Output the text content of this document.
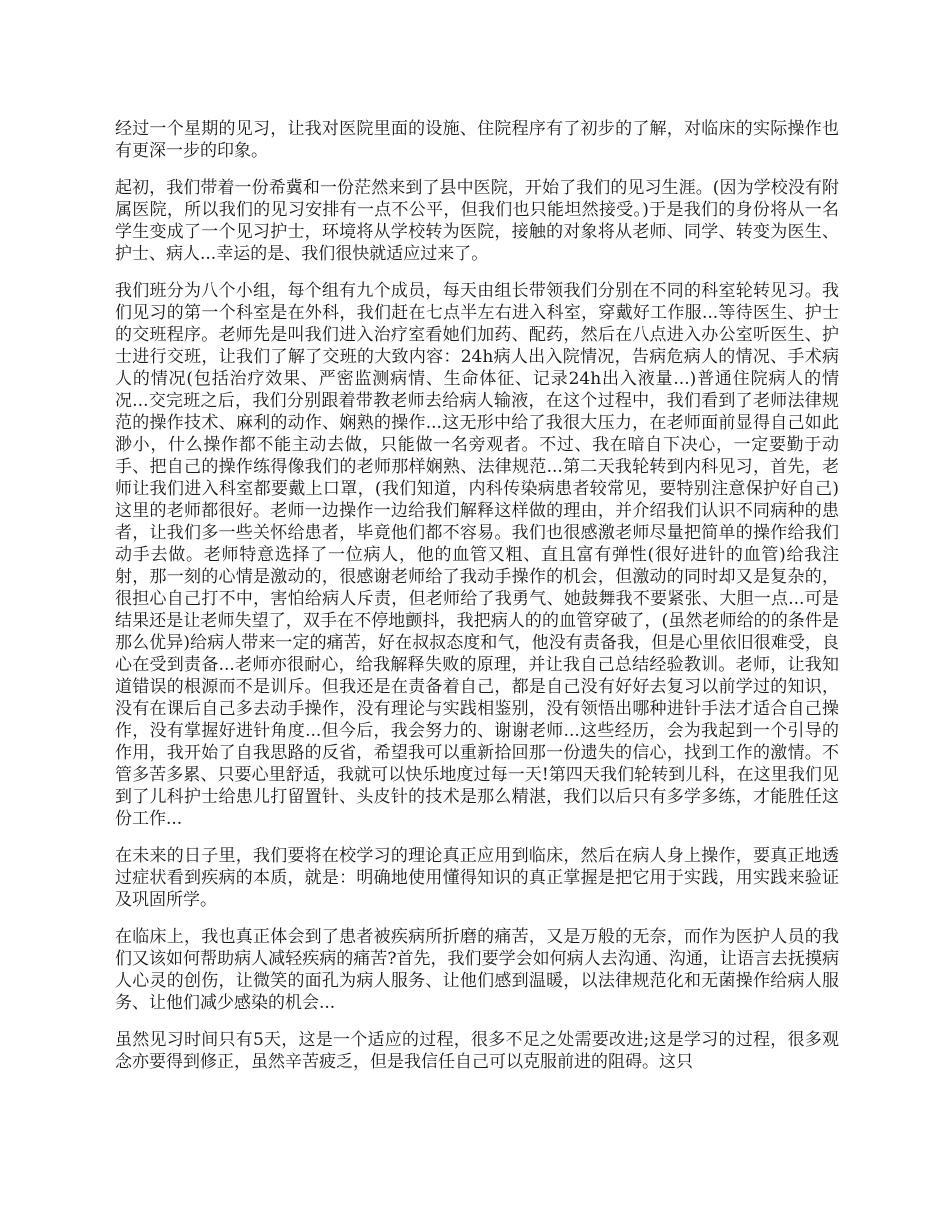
经过一个星期的见习，让我对医院里面的设施、住院程序有了初步的了解，对临床的实际操作也有更深一步的印象。

起初，我们带着一份希冀和一份茫然来到了县中医院，开始了我们的见习生涯。(因为学校没有附属医院，所以我们的见习安排有一点不公平，但我们也只能坦然接受。)于是我们的身份将从一名学生变成了一个见习护士，环境将从学校转为医院，接触的对象将从老师、同学、转变为医生、护士、病人...幸运的是、我们很快就适应过来了。

我们班分为八个小组，每个组有九个成员，每天由组长带领我们分别在不同的科室轮转见习。我们见习的第一个科室是在外科，我们赶在七点半左右进入科室，穿戴好工作服...等待医生、护士的交班程序。老师先是叫我们进入治疗室看她们加药、配药，然后在八点进入办公室听医生、护士进行交班，让我们了解了交班的大致内容：24h病人出入院情况，告病危病人的情况、手术病人的情况(包括治疗效果、严密监测病情、生命体征、记录24h出入液量...)普通住院病人的情况...交完班之后，我们分别跟着带教老师去给病人输液，在这个过程中，我们看到了老师法律规范的操作技术、麻利的动作、娴熟的操作...这无形中给了我很大压力，在老师面前显得自己如此渺小，什么操作都不能主动去做，只能做一名旁观者。不过、我在暗自下决心，一定要勤于动手、把自己的操作练得像我们的老师那样娴熟、法律规范...第二天我轮转到内科见习，首先，老师让我们进入科室都要戴上口罩，(我们知道，内科传染病患者较常见，要特别注意保护好自己)这里的老师都很好。老师一边操作一边给我们解释这样做的理由，并介绍我们认识不同病种的患者，让我们多一些关怀给患者，毕竟他们都不容易。我们也很感激老师尽量把简单的操作给我们动手去做。老师特意选择了一位病人，他的血管又粗、直且富有弹性(很好进针的血管)给我注射，那一刻的心情是激动的，很感谢老师给了我动手操作的机会，但激动的同时却又是复杂的，很担心自己打不中，害怕给病人斥责，但老师给了我勇气、她鼓舞我不要紧张、大胆一点...可是结果还是让老师失望了，双手在不停地颤抖，我把病人的的血管穿破了，(虽然老师给的的条件是那么优异)给病人带来一定的痛苦，好在叔叔态度和气，他没有责备我，但是心里依旧很难受，良心在受到责备...老师亦很耐心，给我解释失败的原理，并让我自己总结经验教训。老师，让我知道错误的根源而不是训斥。但我还是在责备着自己，都是自己没有好好去复习以前学过的知识，没有在课后自己多去动手操作，没有理论与实践相鉴别，没有领悟出哪种进针手法才适合自己操作，没有掌握好进针角度...但今后，我会努力的、谢谢老师...这些经历，会为我起到一个引导的作用，我开始了自我思路的反省，希望我可以重新拾回那一份遗失的信心，找到工作的激情。不管多苦多累、只要心里舒适，我就可以快乐地度过每一天!第四天我们轮转到儿科，在这里我们见到了儿科护士给患儿打留置针、头皮针的技术是那么精湛，我们以后只有多学多练，才能胜任这份工作...

在未来的日子里，我们要将在校学习的理论真正应用到临床，然后在病人身上操作，要真正地透过症状看到疾病的本质，就是：明确地使用懂得知识的真正掌握是把它用于实践，用实践来验证及巩固所学。

在临床上，我也真正体会到了患者被疾病所折磨的痛苦，又是万般的无奈，而作为医护人员的我们又该如何帮助病人减轻疾病的痛苦?首先，我们要学会如何病人去沟通、沟通，让语言去抚摸病人心灵的创伤，让微笑的面孔为病人服务、让他们感到温暖，以法律规范化和无菌操作给病人服务、让他们减少感染的机会...

虽然见习时间只有5天，这是一个适应的过程，很多不足之处需要改进;这是学习的过程，很多观念亦要得到修正，虽然辛苦疲乏，但是我信任自己可以克服前进的阻碍。这只
